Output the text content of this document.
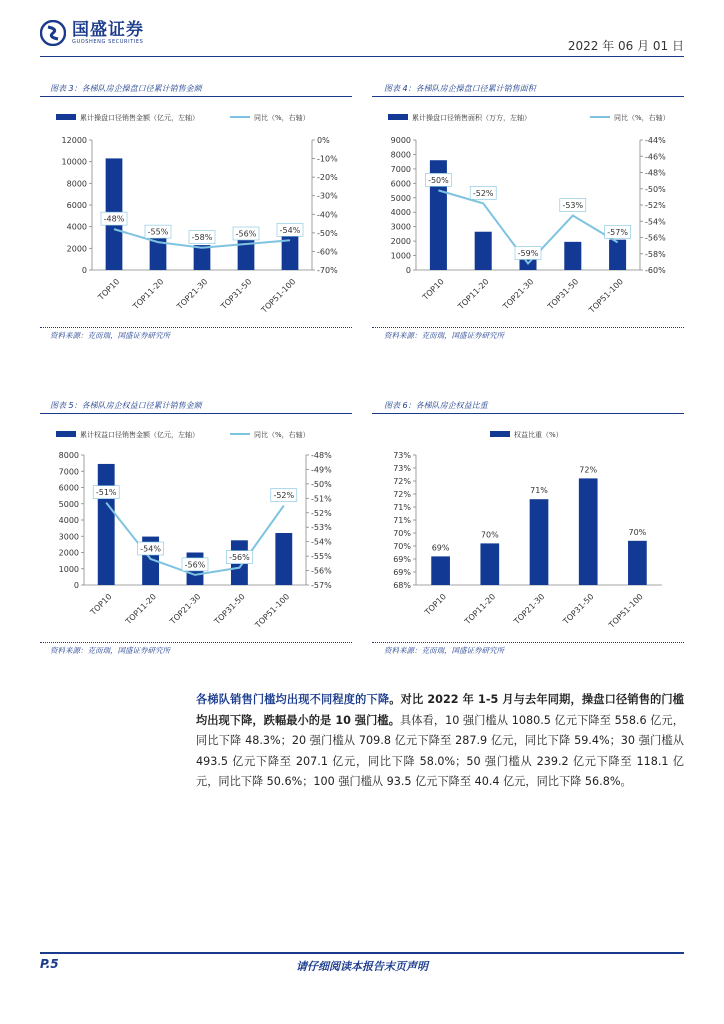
国盛证券
GUOSHENG SECURITIES	2022 年 06 月 01 日
图表 3：各梯队房企操盘口径累计销售金额	图表 4：各梯队房企操盘口径累计销售面积
累计操盘口径销售金额（亿元，左轴）	同比（%，右轴）
0
2000
4000
6000
8000
10000
12000
-70%
-60%
-50%
-40%
-30%
-20%
-10%
0%
TOP10 TOP11-20 TOP21-30 TOP31-50 TOP51-100
-48%
-55%
-58%	-56%	-54%
累计操盘口径销售面积（万方，左轴）	同比（%，右轴）
0
1000
2000
3000
4000
5000
6000
7000
8000
9000
-60%
-58%
-56%
-54%
-52%
-50%
-48%
-46%
-44%
TOP10 TOP11-20 TOP21-30 TOP31-50 TOP51-100
-50%
-52%
-59%
-53%
-57%
资料来源：克而瑞，国盛证券研究所	资料来源：克而瑞，国盛证券研究所
图表 5：各梯队房企权益口径累计销售金额	图表 6：各梯队房企权益比重
累计权益口径销售金额（亿元，左轴）	同比（%，右轴）
0
1000
2000
3000
4000
5000
6000
7000
8000
-57%
-56%
-55%
-54%
-53%
-52%
-51%
-50%
-49%
-48%
TOP10 TOP11-20 TOP21-30 TOP31-50 TOP51-100
-51%
-54%
-56%
-56%
-52%
权益比重（%）
68%
69%
69%
70%
70%
71%
71%
72%
72%
73%
73%
69%
TOP10
70%
TOP11-20
71%
TOP21-30
72%
TOP31-50
70%
TOP51-100
资料来源：克而瑞，国盛证券研究所	资料来源：克而瑞，国盛证券研究所
各梯队销售门槛均出现不同程度的下降。对比 2022 年 1-5 月与去年同期，操盘口径销售的门槛均出现下降，跌幅最小的是 10 强门槛。具体看，10 强门槛从 1080.5 亿元下降至 558.6 亿元，同比下降 48.3%；20 强门槛从 709.8 亿元下降至 287.9 亿元，同比下降 59.4%；30 强门槛从 493.5 亿元下降至 207.1 亿元，同比下降 58.0%；50 强门槛从 239.2 亿元下降至 118.1 亿元，同比下降 50.6%；100 强门槛从 93.5 亿元下降至 40.4 亿元，同比下降 56.8%。
P.5	请仔细阅读本报告末页声明
